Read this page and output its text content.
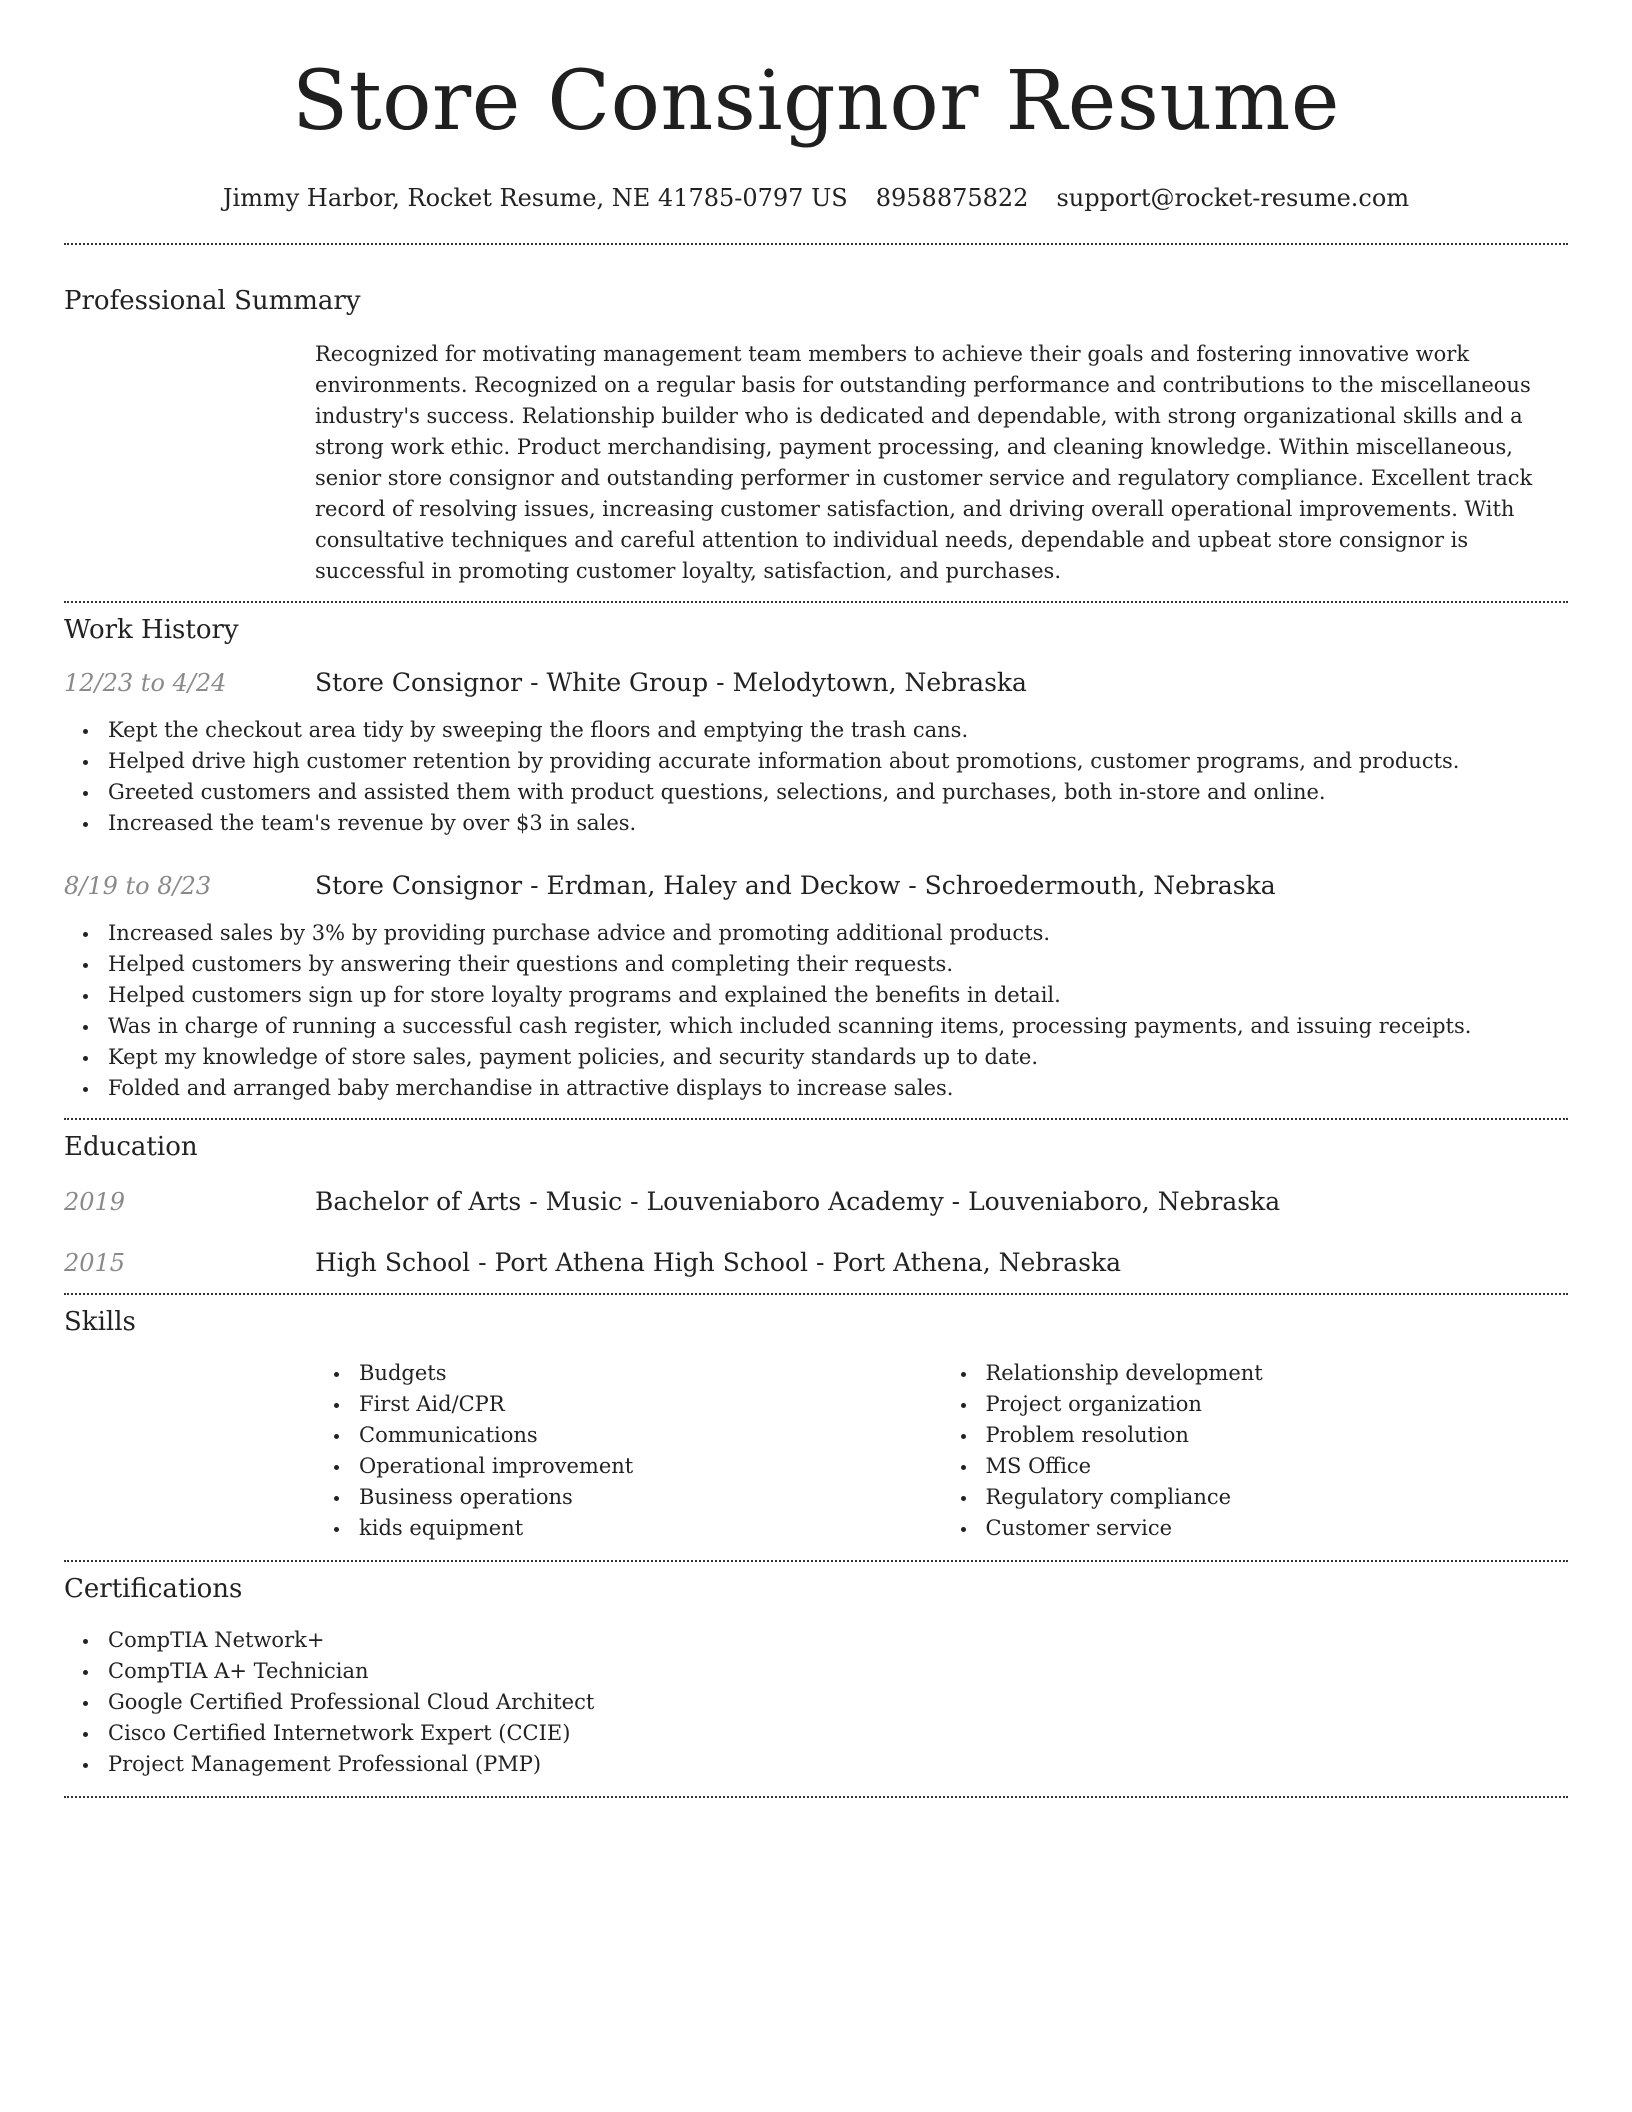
Store Consignor Resume
Jimmy Harbor, Rocket Resume, NE 41785-0797 US 8958875822 support@rocket-resume.com
Professional Summary

Recognized for motivating management team members to achieve their goals and fostering innovative work environments. Recognized on a regular basis for outstanding performance and contributions to the miscellaneous industry's success. Relationship builder who is dedicated and dependable, with strong organizational skills and a strong work ethic. Product merchandising, payment processing, and cleaning knowledge. Within miscellaneous, senior store consignor and outstanding performer in customer service and regulatory compliance. Excellent track record of resolving issues, increasing customer satisfaction, and driving overall operational improvements. With consultative techniques and careful attention to individual needs, dependable and upbeat store consignor is successful in promoting customer loyalty, satisfaction, and purchases.

Work History
12/23 to 4/24	Store Consignor - White Group - Melodytown, Nebraska
Kept the checkout area tidy by sweeping the floors and emptying the trash cans.
Helped drive high customer retention by providing accurate information about promotions, customer programs, and products.
Greeted customers and assisted them with product questions, selections, and purchases, both in-store and online.
Increased the team's revenue by over $3 in sales.
8/19 to 8/23	Store Consignor - Erdman, Haley and Deckow - Schroedermouth, Nebraska
Increased sales by 3% by providing purchase advice and promoting additional products.
Helped customers by answering their questions and completing their requests.
Helped customers sign up for store loyalty programs and explained the benefits in detail.
Was in charge of running a successful cash register, which included scanning items, processing payments, and issuing receipts.
Kept my knowledge of store sales, payment policies, and security standards up to date.
Folded and arranged baby merchandise in attractive displays to increase sales.
Education
2019	Bachelor of Arts - Music - Louveniaboro Academy - Louveniaboro, Nebraska
2015	High School - Port Athena High School - Port Athena, Nebraska
Skills
Budgets
First Aid/CPR
Communications
Operational improvement
Business operations
kids equipment
Relationship development
Project organization
Problem resolution
MS Office
Regulatory compliance
Customer service
Certifications
CompTIA Network+
CompTIA A+ Technician
Google Certified Professional Cloud Architect
Cisco Certified Internetwork Expert (CCIE)
Project Management Professional (PMP)
